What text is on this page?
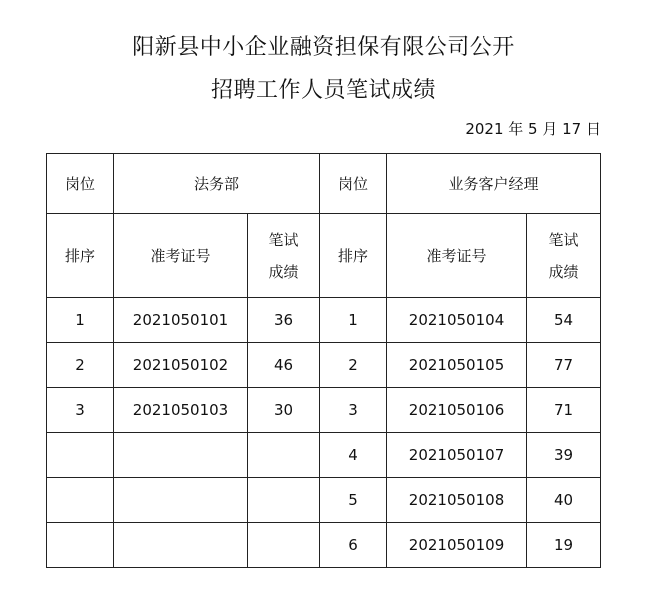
阳新县中小企业融资担保有限公司公开
招聘工作人员笔试成绩
2021 年 5 月 17 日
岗位	法务部		岗位	业务客户经理	
排序	准考证号	笔试成绩	排序	准考证号	笔试成绩

1	2021050101	36	1	2021050104	54
2	2021050102	46	2	2021050105	77
3	2021050103	30	3	2021050106	71
			4	2021050107	39
			5	2021050108	40
			6	2021050109	19
